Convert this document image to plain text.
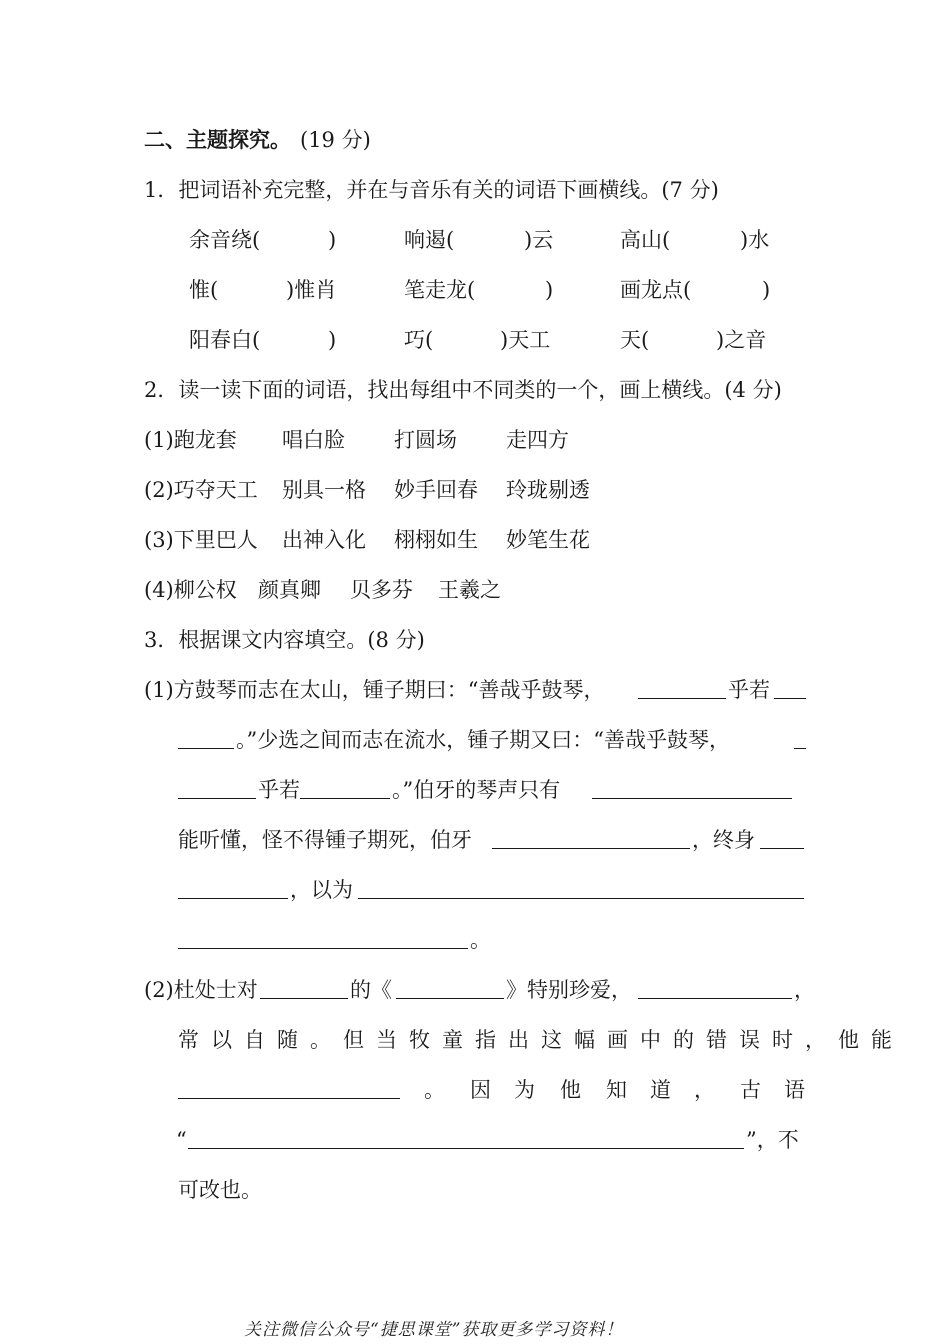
二、主题探究。 (19 分)
1．把词语补充完整，并在与音乐有关的词语下画横线。(7 分)
余音绕(	)	响遏(	)云	高山(	)水
惟(	)惟肖	笔走龙(	)	画龙点(	)
阳春白(	)	巧(	)天工	天(	)之音
2．读一读下面的词语，找出每组中不同类的一个，画上横线。(4 分)
(1)跑龙套 唱白脸 打圆场 走四方
(2)巧夺天工 别具一格 妙手回春 玲珑剔透
(3)下里巴人 出神入化 栩栩如生 妙笔生花
(4)柳公权 颜真卿 贝多芬 王羲之
3．根据课文内容填空。(8 分)
(1)方鼓琴而志在太山，锺子期曰：“善哉乎鼓琴，	乎若
。”少选之间而志在流水，锺子期又曰：“善哉乎鼓琴，
乎若	。”伯牙的琴声只有
能听懂，怪不得锺子期死，伯牙	，终身
，以为
。
(2)杜处士对	的《	》特别珍爱，	，
常以自随。但当牧童指出这幅画中的错误时，他能
。 因 为 他 知 道 ， 古 语
“	”，不
可改也。
关注微信公众号“捷思课堂”获取更多学习资料！
